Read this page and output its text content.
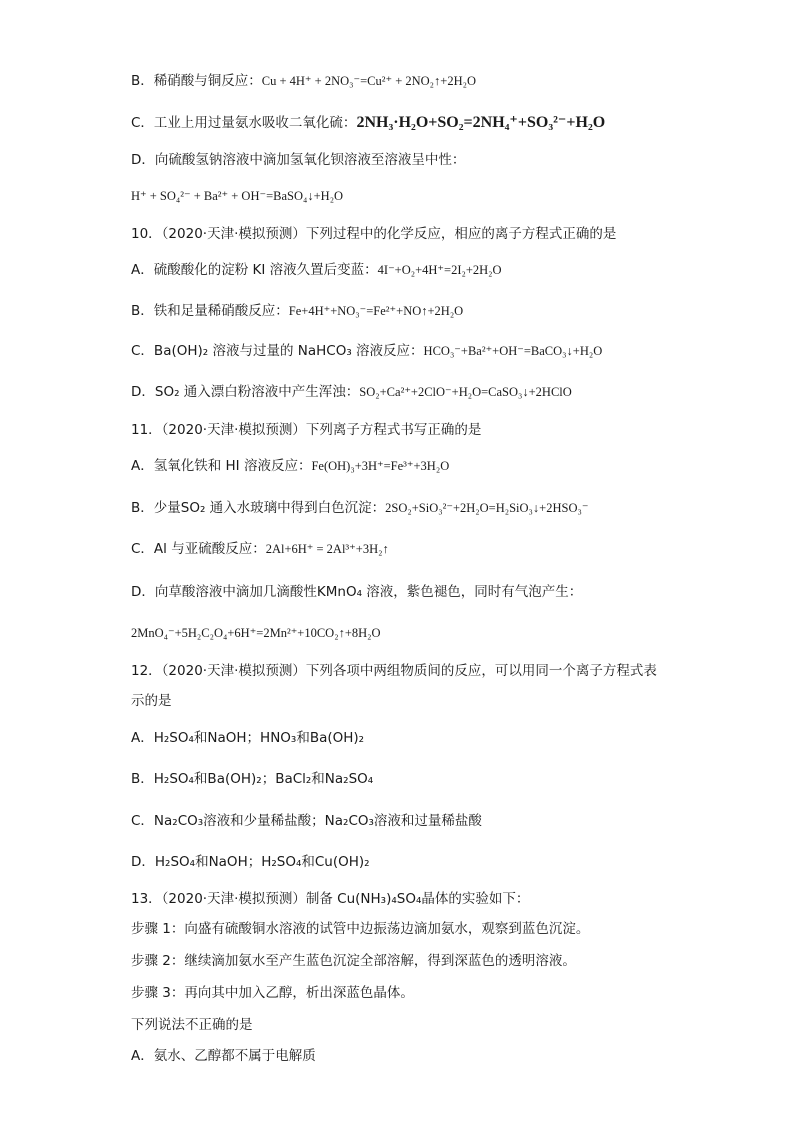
B．稀硝酸与铜反应：Cu + 4H⁺ + 2NO₃⁻=Cu²⁺ + 2NO₂↑+2H₂O
C．工业上用过量氨水吸收二氧化硫：2NH₃·H₂O+SO₂=2NH₄⁺+SO₃²⁻+H₂O
D．向硫酸氢钠溶液中滴加氢氧化钡溶液至溶液呈中性：
H⁺ + SO₄²⁻ + Ba²⁺ + OH⁻=BaSO₄↓+H₂O
10．（2020·天津·模拟预测）下列过程中的化学反应，相应的离子方程式正确的是
A．硫酸酸化的淀粉 KI 溶液久置后变蓝：4I⁻+O₂+4H⁺=2I₂+2H₂O
B．铁和足量稀硝酸反应：Fe+4H⁺+NO₃⁻=Fe²⁺+NO↑+2H₂O
C．Ba(OH)₂ 溶液与过量的 NaHCO₃ 溶液反应：HCO₃⁻+Ba²⁺+OH⁻=BaCO₃↓+H₂O
D．SO₂ 通入漂白粉溶液中产生浑浊：SO₂+Ca²⁺+2ClO⁻+H₂O=CaSO₃↓+2HClO
11．（2020·天津·模拟预测）下列离子方程式书写正确的是
A．氢氧化铁和 HI 溶液反应：Fe(OH)₃+3H⁺=Fe³⁺+3H₂O
B．少量SO₂ 通入水玻璃中得到白色沉淀：2SO₂+SiO₃²⁻+2H₂O=H₂SiO₃↓+2HSO₃⁻
C．Al 与亚硫酸反应：2Al+6H⁺ = 2Al³⁺+3H₂↑
D．向草酸溶液中滴加几滴酸性KMnO₄ 溶液，紫色褪色，同时有气泡产生：
2MnO₄⁻+5H₂C₂O₄+6H⁺=2Mn²⁺+10CO₂↑+8H₂O
12．（2020·天津·模拟预测）下列各项中两组物质间的反应，可以用同一个离子方程式表
示的是
A．H₂SO₄和NaOH；HNO₃和Ba(OH)₂
B．H₂SO₄和Ba(OH)₂；BaCl₂和Na₂SO₄
C．Na₂CO₃溶液和少量稀盐酸；Na₂CO₃溶液和过量稀盐酸
D．H₂SO₄和NaOH；H₂SO₄和Cu(OH)₂
13．（2020·天津·模拟预测）制备 Cu(NH₃)₄SO₄晶体的实验如下：
步骤 1：向盛有硫酸铜水溶液的试管中边振荡边滴加氨水，观察到蓝色沉淀。
步骤 2：继续滴加氨水至产生蓝色沉淀全部溶解，得到深蓝色的透明溶液。
步骤 3：再向其中加入乙醇，析出深蓝色晶体。
下列说法不正确的是
A．氨水、乙醇都不属于电解质
